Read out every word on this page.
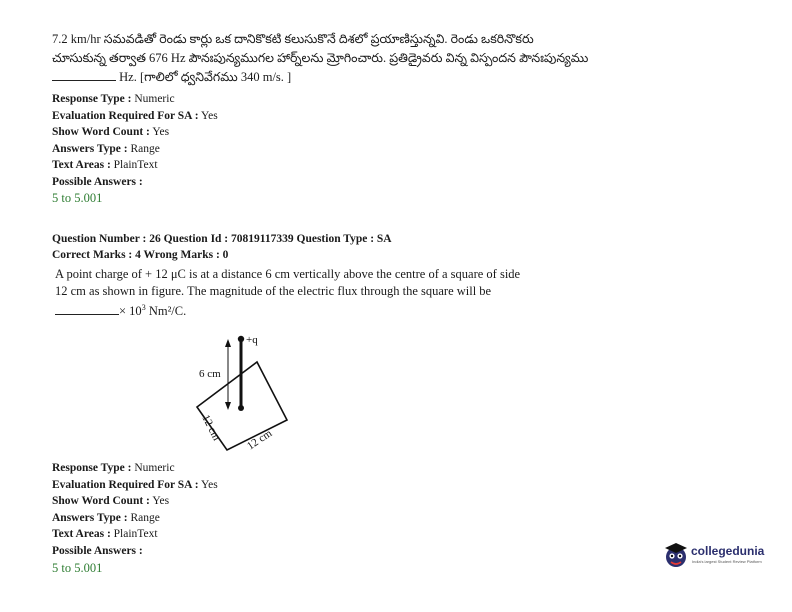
7.2 km/hr సమవడితో రెండు కార్లు ఒక దానికొకటి కలుసుకొనే దిశలో ప్రయాణిస్తున్నవి. రెండు ఒకరినొకరు
చూసుకున్న తర్వాత 676 Hz పౌనఃపున్యముగల హార్న్‌లను మ్రోగించారు. ప్రతిడ్రైవరు విన్న విస్పందన పౌనఃపున్యము
Hz. [గాలిలో ధ్వనివేగము 340 m/s. ]
Response Type : Numeric
Evaluation Required For SA : Yes
Show Word Count : Yes
Answers Type : Range
Text Areas : PlainText
Possible Answers :
5 to 5.001
Question Number : 26 Question Id : 70819117339 Question Type : SA
Correct Marks : 4 Wrong Marks : 0
A point charge of + 12 μC is at a distance 6 cm vertically above the centre of a square of side
12 cm as shown in figure. The magnitude of the electric flux through the square will be
× $10^3$ Nm²/C.
+q
6 cm
12 cm 12 cm
Response Type : Numeric
Evaluation Required For SA : Yes
Show Word Count : Yes
Answers Type : Range
Text Areas : PlainText
Possible Answers :
5 to 5.001
collegedunia
India's largest Student Review Platform
